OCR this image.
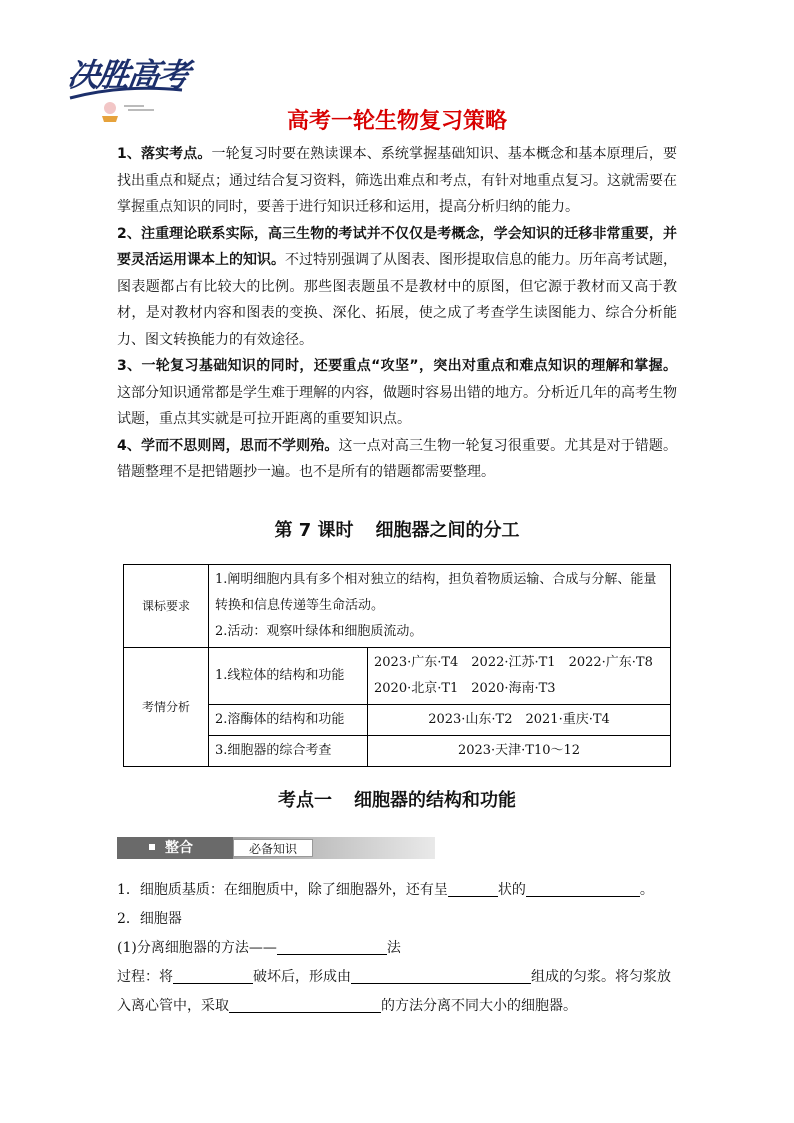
决胜高考
高考一轮生物复习策略

1、落实考点。一轮复习时要在熟读课本、系统掌握基础知识、基本概念和基本原理后，要找出重点和疑点；通过结合复习资料，筛选出难点和考点，有针对地重点复习。这就需要在掌握重点知识的同时，要善于进行知识迁移和运用，提高分析归纳的能力。

2、注重理论联系实际，高三生物的考试并不仅仅是考概念，学会知识的迁移非常重要，并要灵活运用课本上的知识。不过特别强调了从图表、图形提取信息的能力。历年高考试题，图表题都占有比较大的比例。那些图表题虽不是教材中的原图，但它源于教材而又高于教材，是对教材内容和图表的变换、深化、拓展，使之成了考查学生读图能力、综合分析能力、图文转换能力的有效途径。

3、一轮复习基础知识的同时，还要重点“攻坚”，突出对重点和难点知识的理解和掌握。这部分知识通常都是学生难于理解的内容，做题时容易出错的地方。分析近几年的高考生物试题，重点其实就是可拉开距离的重要知识点。

4、学而不思则罔，思而不学则殆。这一点对高三生物一轮复习很重要。尤其是对于错题。错题整理不是把错题抄一遍。也不是所有的错题都需要整理。

第 7 课时 细胞器之间的分工
课标要求	1.阐明细胞内具有多个相对独立的结构，担负着物质运输、合成与分解、能量转换和信息传递等生命活动。
2.活动：观察叶绿体和细胞质流动。	

考情分析	1.线粒体的结构和功能	2023·广东·T4　2022·江苏·T1　2022·广东·T8
2020·北京·T1　2020·海南·T3

	2.溶酶体的结构和功能	2023·山东·T2　2021·重庆·T4
	3.细胞器的综合考查	2023·天津·T10～12
考点一 细胞器的结构和功能
整合	必备知识

1．细胞质基质：在细胞质中，除了细胞器外，还有呈	状的	。

2．细胞器

(1)分离细胞器的方法——	法

过程：将	破坏后，形成由	组成的匀浆。将匀浆放

入离心管中，采取	的方法分离不同大小的细胞器。
